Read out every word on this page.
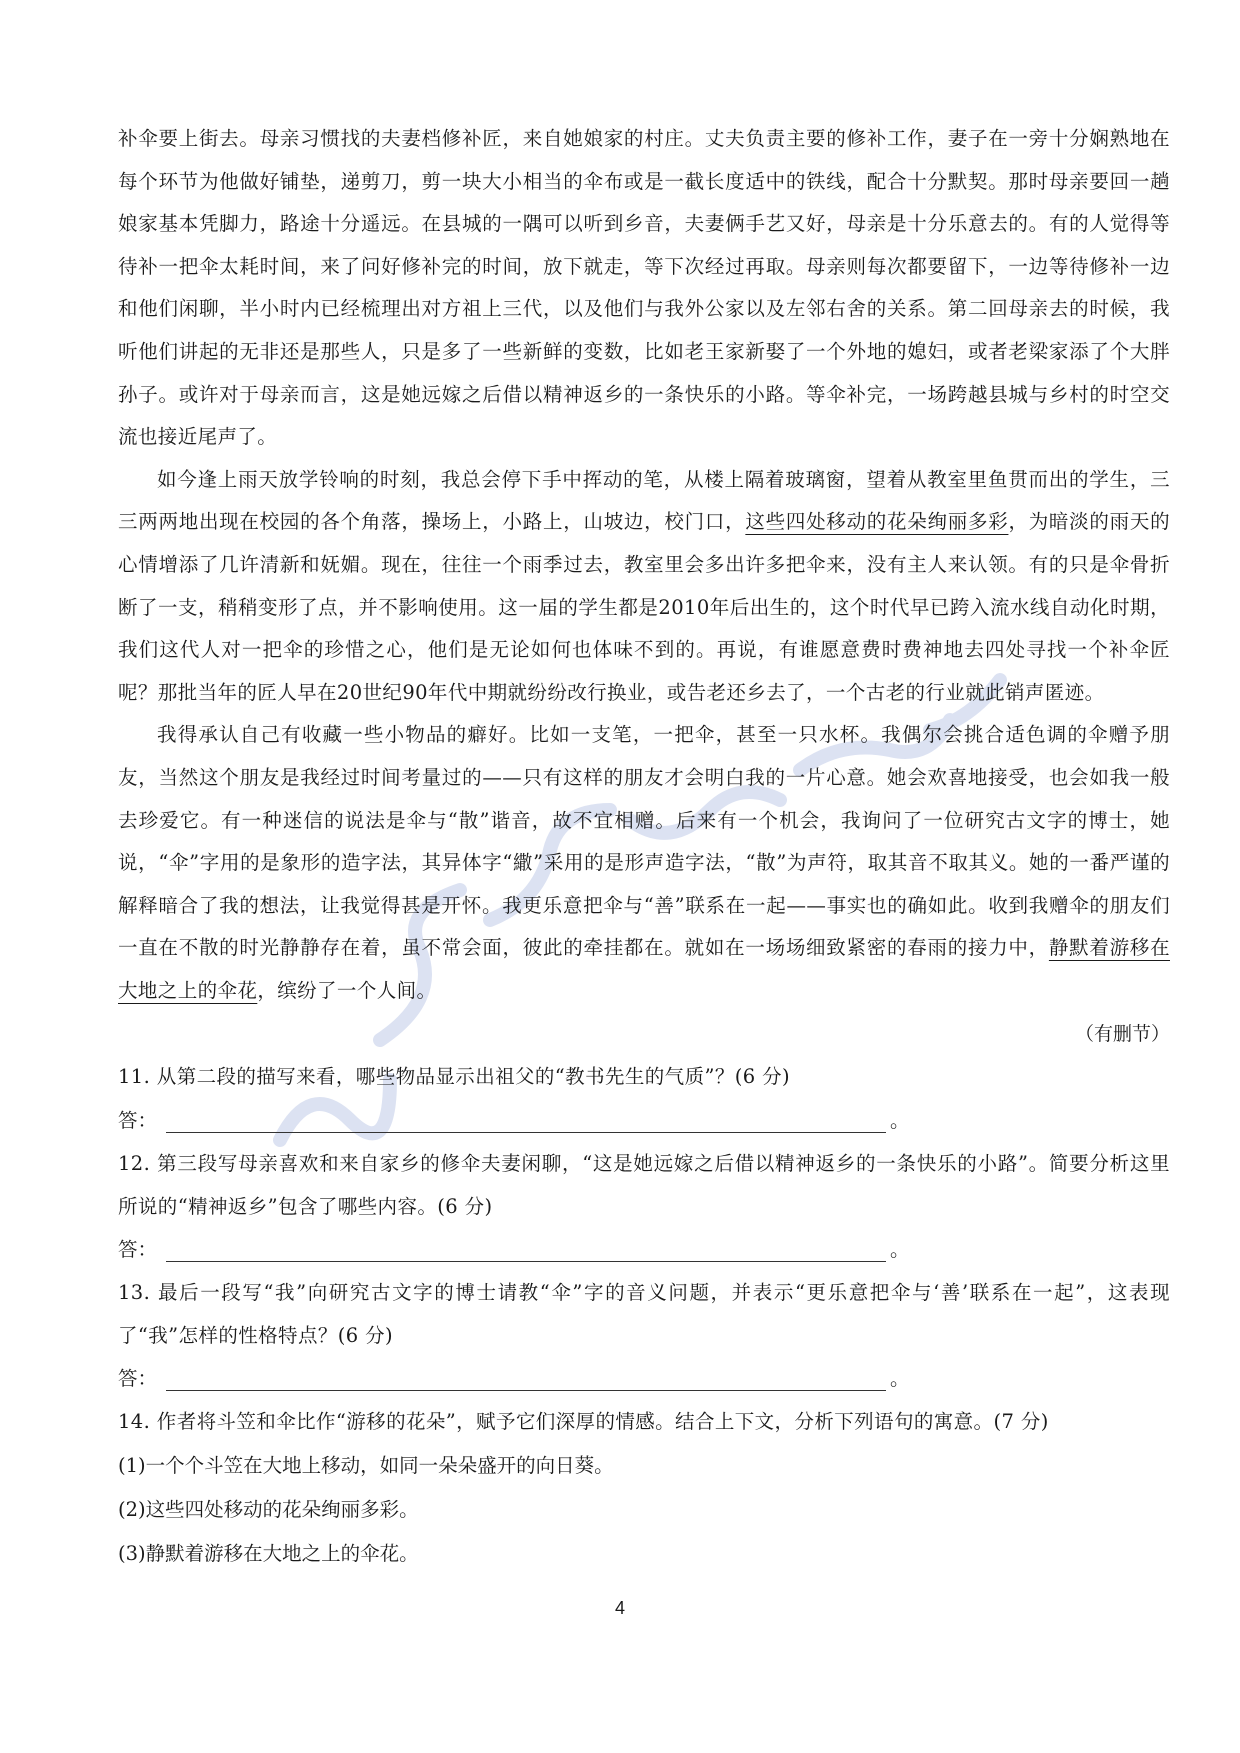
补伞要上街去。母亲习惯找的夫妻档修补匠，来自她娘家的村庄。丈夫负责主要的修补工作，妻子在一旁十分娴熟地在每个环节为他做好铺垫，递剪刀，剪一块大小相当的伞布或是一截长度适中的铁线，配合十分默契。那时母亲要回一趟娘家基本凭脚力，路途十分遥远。在县城的一隅可以听到乡音，夫妻俩手艺又好，母亲是十分乐意去的。有的人觉得等待补一把伞太耗时间，来了问好修补完的时间，放下就走，等下次经过再取。母亲则每次都要留下，一边等待修补一边和他们闲聊，半小时内已经梳理出对方祖上三代，以及他们与我外公家以及左邻右舍的关系。第二回母亲去的时候，我听他们讲起的无非还是那些人，只是多了一些新鲜的变数，比如老王家新娶了一个外地的媳妇，或者老梁家添了个大胖孙子。或许对于母亲而言，这是她远嫁之后借以精神返乡的一条快乐的小路。等伞补完，一场跨越县城与乡村的时空交流也接近尾声了。

如今逢上雨天放学铃响的时刻，我总会停下手中挥动的笔，从楼上隔着玻璃窗，望着从教室里鱼贯而出的学生，三三两两地出现在校园的各个角落，操场上，小路上，山坡边，校门口，这些四处移动的花朵绚丽多彩，为暗淡的雨天的心情增添了几许清新和妩媚。现在，往往一个雨季过去，教室里会多出许多把伞来，没有主人来认领。有的只是伞骨折断了一支，稍稍变形了点，并不影响使用。这一届的学生都是2010年后出生的，这个时代早已跨入流水线自动化时期，我们这代人对一把伞的珍惜之心，他们是无论如何也体味不到的。再说，有谁愿意费时费神地去四处寻找一个补伞匠呢？那批当年的匠人早在20世纪90年代中期就纷纷改行换业，或告老还乡去了，一个古老的行业就此销声匿迹。

我得承认自己有收藏一些小物品的癖好。比如一支笔，一把伞，甚至一只水杯。我偶尔会挑合适色调的伞赠予朋友，当然这个朋友是我经过时间考量过的——只有这样的朋友才会明白我的一片心意。她会欢喜地接受，也会如我一般去珍爱它。有一种迷信的说法是伞与“散”谐音，故不宜相赠。后来有一个机会，我询问了一位研究古文字的博士，她说，“伞”字用的是象形的造字法，其异体字“繖”采用的是形声造字法，“散”为声符，取其音不取其义。她的一番严谨的解释暗合了我的想法，让我觉得甚是开怀。我更乐意把伞与“善”联系在一起——事实也的确如此。收到我赠伞的朋友们一直在不散的时光静静存在着，虽不常会面，彼此的牵挂都在。就如在一场场细致紧密的春雨的接力中，静默着游移在大地之上的伞花，缤纷了一个人间。

（有删节）

11. 从第二段的描写来看，哪些物品显示出祖父的“教书先生的气质”？(6 分)

答：	。

12. 第三段写母亲喜欢和来自家乡的修伞夫妻闲聊，“这是她远嫁之后借以精神返乡的一条快乐的小路”。简要分析这里所说的“精神返乡”包含了哪些内容。(6 分)

答：	。

13. 最后一段写“我”向研究古文字的博士请教“伞”字的音义问题，并表示“更乐意把伞与‘善’联系在一起”，这表现了“我”怎样的性格特点？(6 分)

答：	。

14. 作者将斗笠和伞比作“游移的花朵”，赋予它们深厚的情感。结合上下文，分析下列语句的寓意。(7 分)

(1)一个个斗笠在大地上移动，如同一朵朵盛开的向日葵。

(2)这些四处移动的花朵绚丽多彩。

(3)静默着游移在大地之上的伞花。

4
